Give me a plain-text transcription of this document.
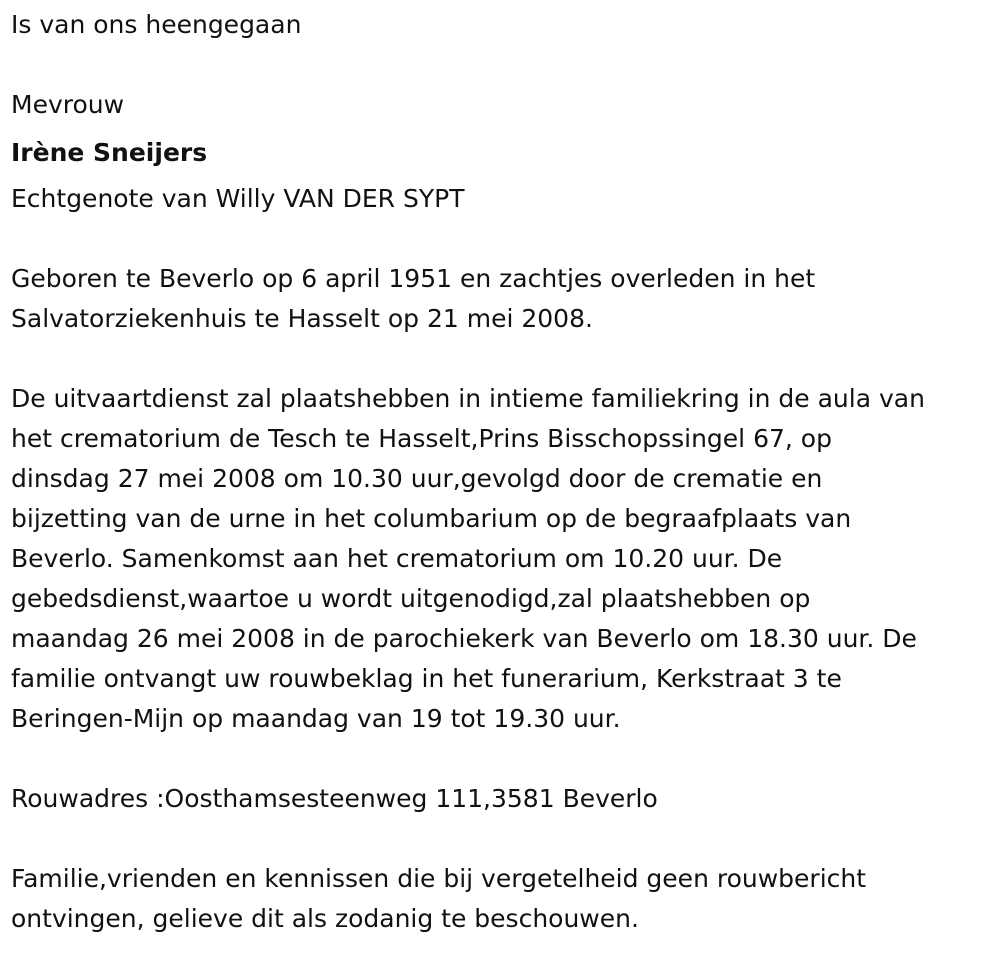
Is van ons heengegaan
Mevrouw
Irène Sneijers
Echtgenote van Willy VAN DER SYPT
Geboren te Beverlo op 6 april 1951 en zachtjes overleden in het
Salvatorziekenhuis te Hasselt op 21 mei 2008.
De uitvaartdienst zal plaatshebben in intieme familiekring in de aula van
het crematorium de Tesch te Hasselt,Prins Bisschopssingel 67, op
dinsdag 27 mei 2008 om 10.30 uur,gevolgd door de crematie en
bijzetting van de urne in het columbarium op de begraafplaats van
Beverlo. Samenkomst aan het crematorium om 10.20 uur. De
gebedsdienst,waartoe u wordt uitgenodigd,zal plaatshebben op
maandag 26 mei 2008 in de parochiekerk van Beverlo om 18.30 uur. De
familie ontvangt uw rouwbeklag in het funerarium, Kerkstraat 3 te
Beringen-Mijn op maandag van 19 tot 19.30 uur.
Rouwadres :Oosthamsesteenweg 111,3581 Beverlo
Familie,vrienden en kennissen die bij vergetelheid geen rouwbericht
ontvingen, gelieve dit als zodanig te beschouwen.
